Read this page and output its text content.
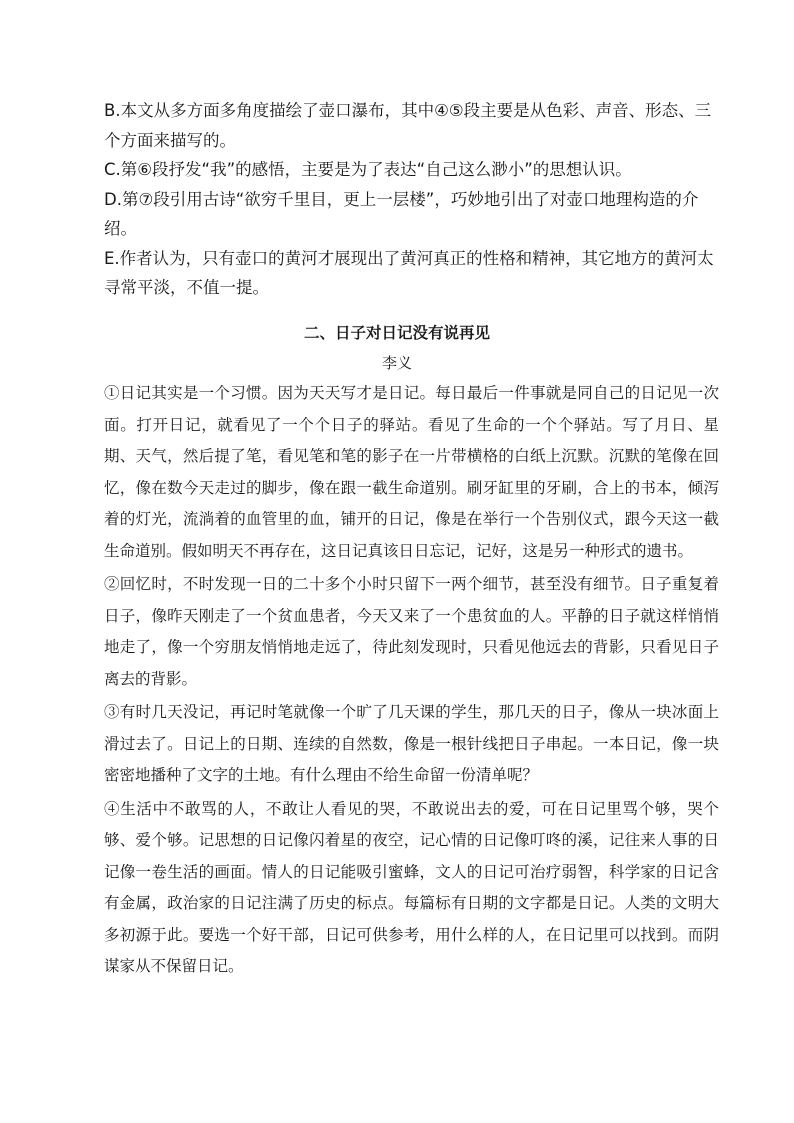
B.本文从多方面多角度描绘了壶口瀑布，其中④⑤段主要是从色彩、声音、形态、三个方面来描写的。

C.第⑥段抒发“我”的感悟，主要是为了表达“自己这么渺小”的思想认识。

D.第⑦段引用古诗“欲穷千里目，更上一层楼”，巧妙地引出了对壶口地理构造的介绍。

E.作者认为，只有壶口的黄河才展现出了黄河真正的性格和精神，其它地方的黄河太寻常平淡，不值一提。

二、日子对日记没有说再见
李义

①日记其实是一个习惯。因为天天写才是日记。每日最后一件事就是同自己的日记见一次面。打开日记，就看见了一个个日子的驿站。看见了生命的一个个驿站。写了月日、星期、天气，然后提了笔，看见笔和笔的影子在一片带横格的白纸上沉默。沉默的笔像在回忆，像在数今天走过的脚步，像在跟一截生命道别。刷牙缸里的牙刷，合上的书本，倾泻着的灯光，流淌着的血管里的血，铺开的日记，像是在举行一个告别仪式，跟今天这一截生命道别。假如明天不再存在，这日记真该日日忘记，记好，这是另一种形式的遗书。

②回忆时，不时发现一日的二十多个小时只留下一两个细节，甚至没有细节。日子重复着日子，像昨天刚走了一个贫血患者，今天又来了一个患贫血的人。平静的日子就这样悄悄地走了，像一个穷朋友悄悄地走远了，待此刻发现时，只看见他远去的背影，只看见日子离去的背影。

③有时几天没记，再记时笔就像一个旷了几天课的学生，那几天的日子，像从一块冰面上滑过去了。日记上的日期、连续的自然数，像是一根针线把日子串起。一本日记，像一块密密地播种了文字的土地。有什么理由不给生命留一份清单呢？

④生活中不敢骂的人，不敢让人看见的哭，不敢说出去的爱，可在日记里骂个够，哭个够、爱个够。记思想的日记像闪着星的夜空，记心情的日记像叮咚的溪，记往来人事的日记像一卷生活的画面。情人的日记能吸引蜜蜂，文人的日记可治疗弱智，科学家的日记含有金属，政治家的日记注满了历史的标点。每篇标有日期的文字都是日记。人类的文明大多初源于此。要选一个好干部，日记可供参考，用什么样的人，在日记里可以找到。而阴谋家从不保留日记。
